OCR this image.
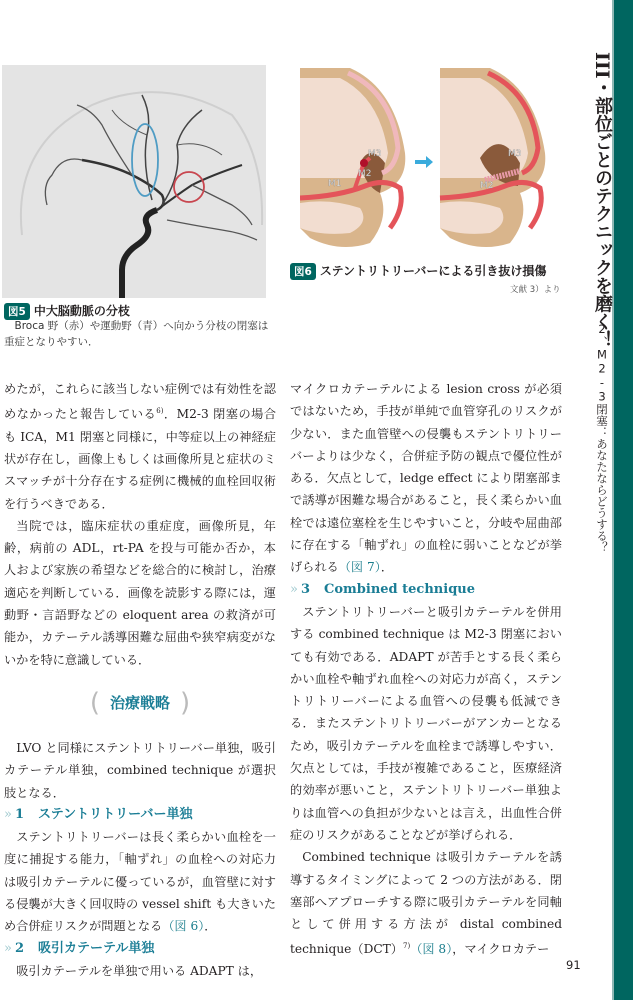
III・部位ごとのテクニックを磨く！
2、M2-3閉塞：あなたならどうする？
図5 中大脳動脈の分枝
Broca 野（赤）や運動野（青）へ向かう分枝の閉塞は重症となりやすい．
M3
M2
M1
M3
M2
図6 ステントリトリーバーによる引き抜け損傷
文献 3）より

めたが，これらに該当しない症例では有効性を認めなかったと報告している$^{6)}$．M2-3 閉塞の場合も ICA，M1 閉塞と同様に，中等症以上の神経症状が存在し，画像上もしくは画像所見と症状のミスマッチが十分存在する症例に機械的血栓回収術を行うべきである．

当院では，臨床症状の重症度，画像所見，年齢，病前の ADL，rt-PA を投与可能か否か，本人および家族の希望などを総合的に検討し，治療適応を判断している．画像を読影する際には，運動野・言語野などの eloquent area の救済が可能か，カテーテル誘導困難な屈曲や狭窄病変がないかを特に意識している．

( 治療戦略 )

LVO と同様にステントリトリーバー単独，吸引カテーテル単独，combined technique が選択肢となる．

» 1 ステントリトリーバー単独

ステントリトリーバーは長く柔らかい血栓を一度に捕捉する能力，「軸ずれ」の血栓への対応力は吸引カテーテルに優っているが，血管壁に対する侵襲が大きく回収時の vessel shift も大きいため合併症リスクが問題となる（図 6）．

» 2 吸引カテーテル単独

吸引カテーテルを単独で用いる ADAPT は，

マイクロカテーテルによる lesion cross が必須ではないため，手技が単純で血管穿孔のリスクが少ない．また血管壁への侵襲もステントリトリーバーよりは少なく，合併症予防の観点で優位性がある．欠点として，ledge effect により閉塞部まで誘導が困難な場合があること，長く柔らかい血栓では遠位塞栓を生じやすいこと，分岐や屈曲部に存在する「軸ずれ」の血栓に弱いことなどが挙げられる（図 7）．

» 3 Combined technique

ステントリトリーバーと吸引カテーテルを併用する combined technique は M2-3 閉塞においても有効である．ADAPT が苦手とする長く柔らかい血栓や軸ずれ血栓への対応力が高く，ステントリトリーバーによる血管への侵襲も低減できる．またステントリトリーバーがアンカーとなるため，吸引カテーテルを血栓まで誘導しやすい．欠点としては，手技が複雑であること，医療経済的効率が悪いこと，ステントリトリーバー単独よりは血管への負担が少ないとは言え，出血性合併症のリスクがあることなどが挙げられる．

Combined technique は吸引カテーテルを誘導するタイミングによって 2 つの方法がある．閉塞部へアプローチする際に吸引カテーテルを同軸として併用する方法が distal combined technique（DCT）$^{7)}$（図 8），マイクロカテー

91
